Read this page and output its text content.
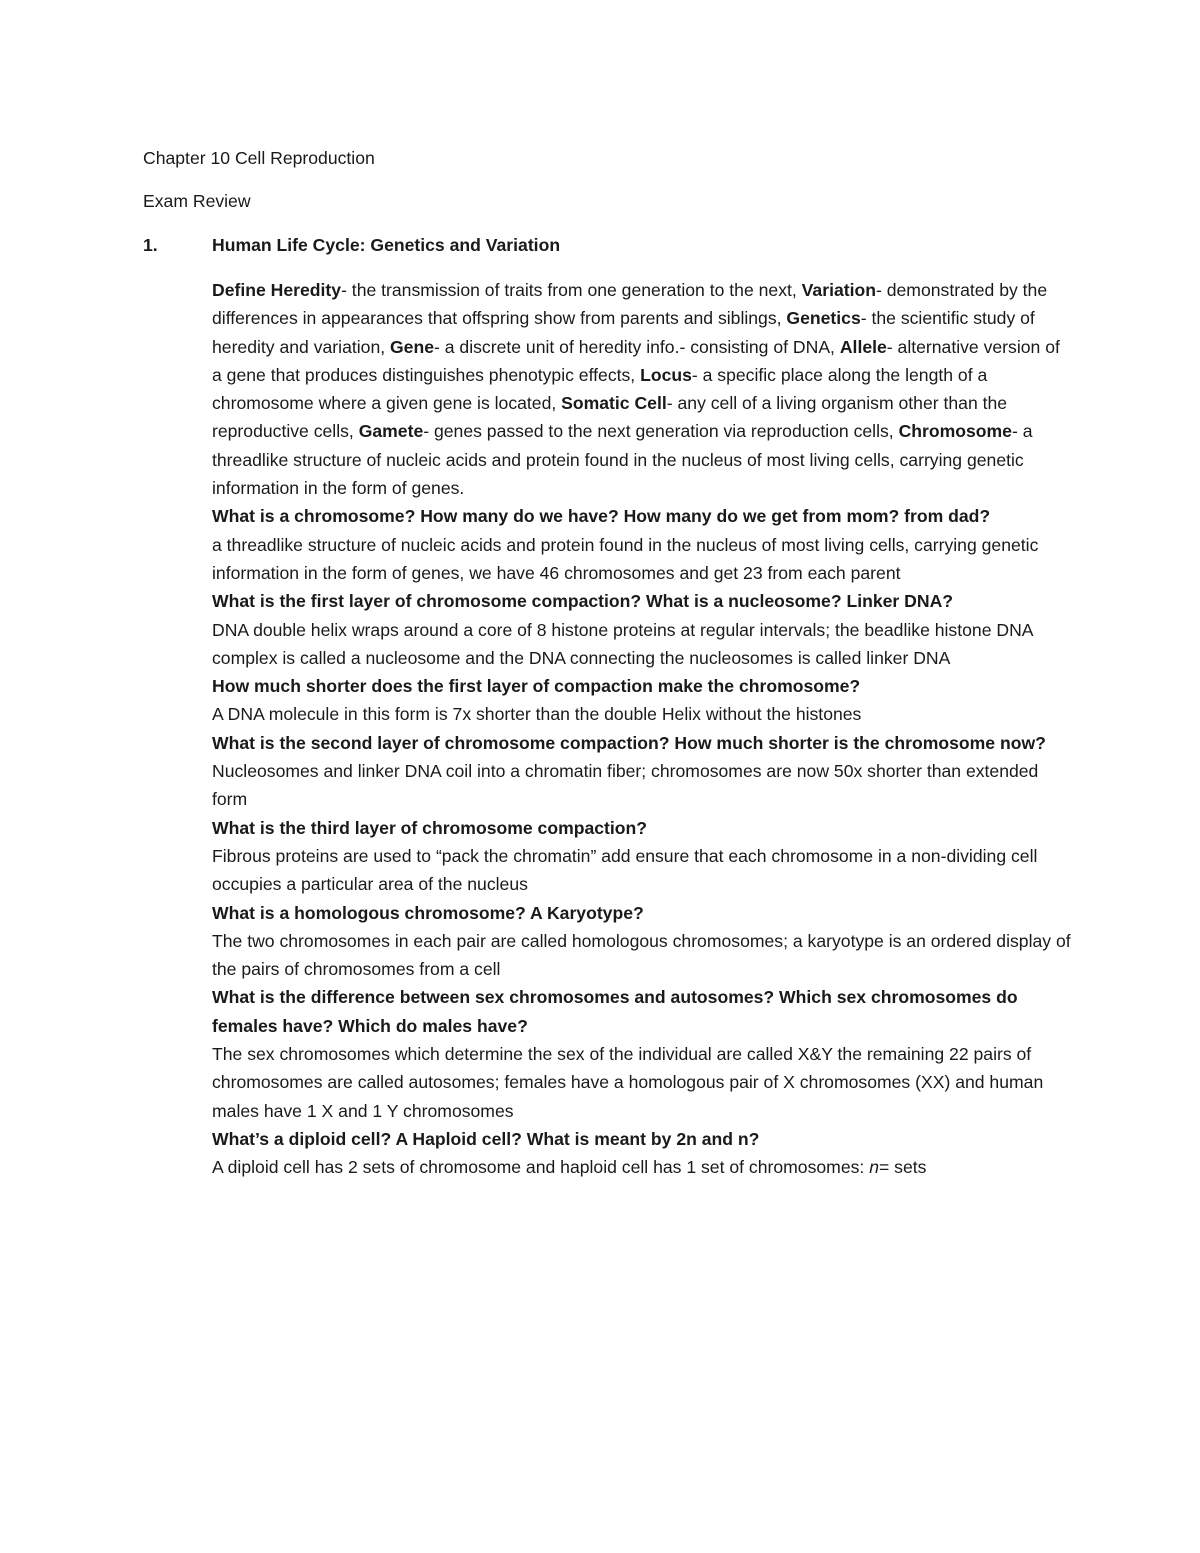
Chapter 10 Cell Reproduction
Exam Review
1.	Human Life Cycle: Genetics and Variation

Define Heredity- the transmission of traits from one generation to the next, Variation- demonstrated by the differences in appearances that offspring show from parents and siblings, Genetics- the scientific study of heredity and variation, Gene- a discrete unit of heredity info.- consisting of DNA, Allele- alternative version of a gene that produces distinguishes phenotypic effects, Locus- a specific place along the length of a chromosome where a given gene is located, Somatic Cell- any cell of a living organism other than the reproductive cells, Gamete- genes passed to the next generation via reproduction cells, Chromosome- a threadlike structure of nucleic acids and protein found in the nucleus of most living cells, carrying genetic information in the form of genes.

What is a chromosome? How many do we have? How many do we get from mom? from dad?

a threadlike structure of nucleic acids and protein found in the nucleus of most living cells, carrying genetic information in the form of genes, we have 46 chromosomes and get 23 from each parent

What is the first layer of chromosome compaction? What is a nucleosome? Linker DNA?

DNA double helix wraps around a core of 8 histone proteins at regular intervals; the beadlike histone DNA complex is called a nucleosome and the DNA connecting the nucleosomes is called linker DNA

How much shorter does the first layer of compaction make the chromosome?

A DNA molecule in this form is 7x shorter than the double Helix without the histones

What is the second layer of chromosome compaction? How much shorter is the chromosome now?

Nucleosomes and linker DNA coil into a chromatin fiber; chromosomes are now 50x shorter than extended form

What is the third layer of chromosome compaction?

Fibrous proteins are used to “pack the chromatin” add ensure that each chromosome in a non-dividing cell occupies a particular area of the nucleus

What is a homologous chromosome? A Karyotype?

The two chromosomes in each pair are called homologous chromosomes; a karyotype is an ordered display of the pairs of chromosomes from a cell

What is the difference between sex chromosomes and autosomes? Which sex chromosomes do females have? Which do males have?

The sex chromosomes which determine the sex of the individual are called X&Y the remaining 22 pairs of chromosomes are called autosomes; females have a homologous pair of X chromosomes (XX) and human males have 1 X and 1 Y chromosomes

What’s a diploid cell? A Haploid cell? What is meant by 2n and n?

A diploid cell has 2 sets of chromosome and haploid cell has 1 set of chromosomes: n= sets
